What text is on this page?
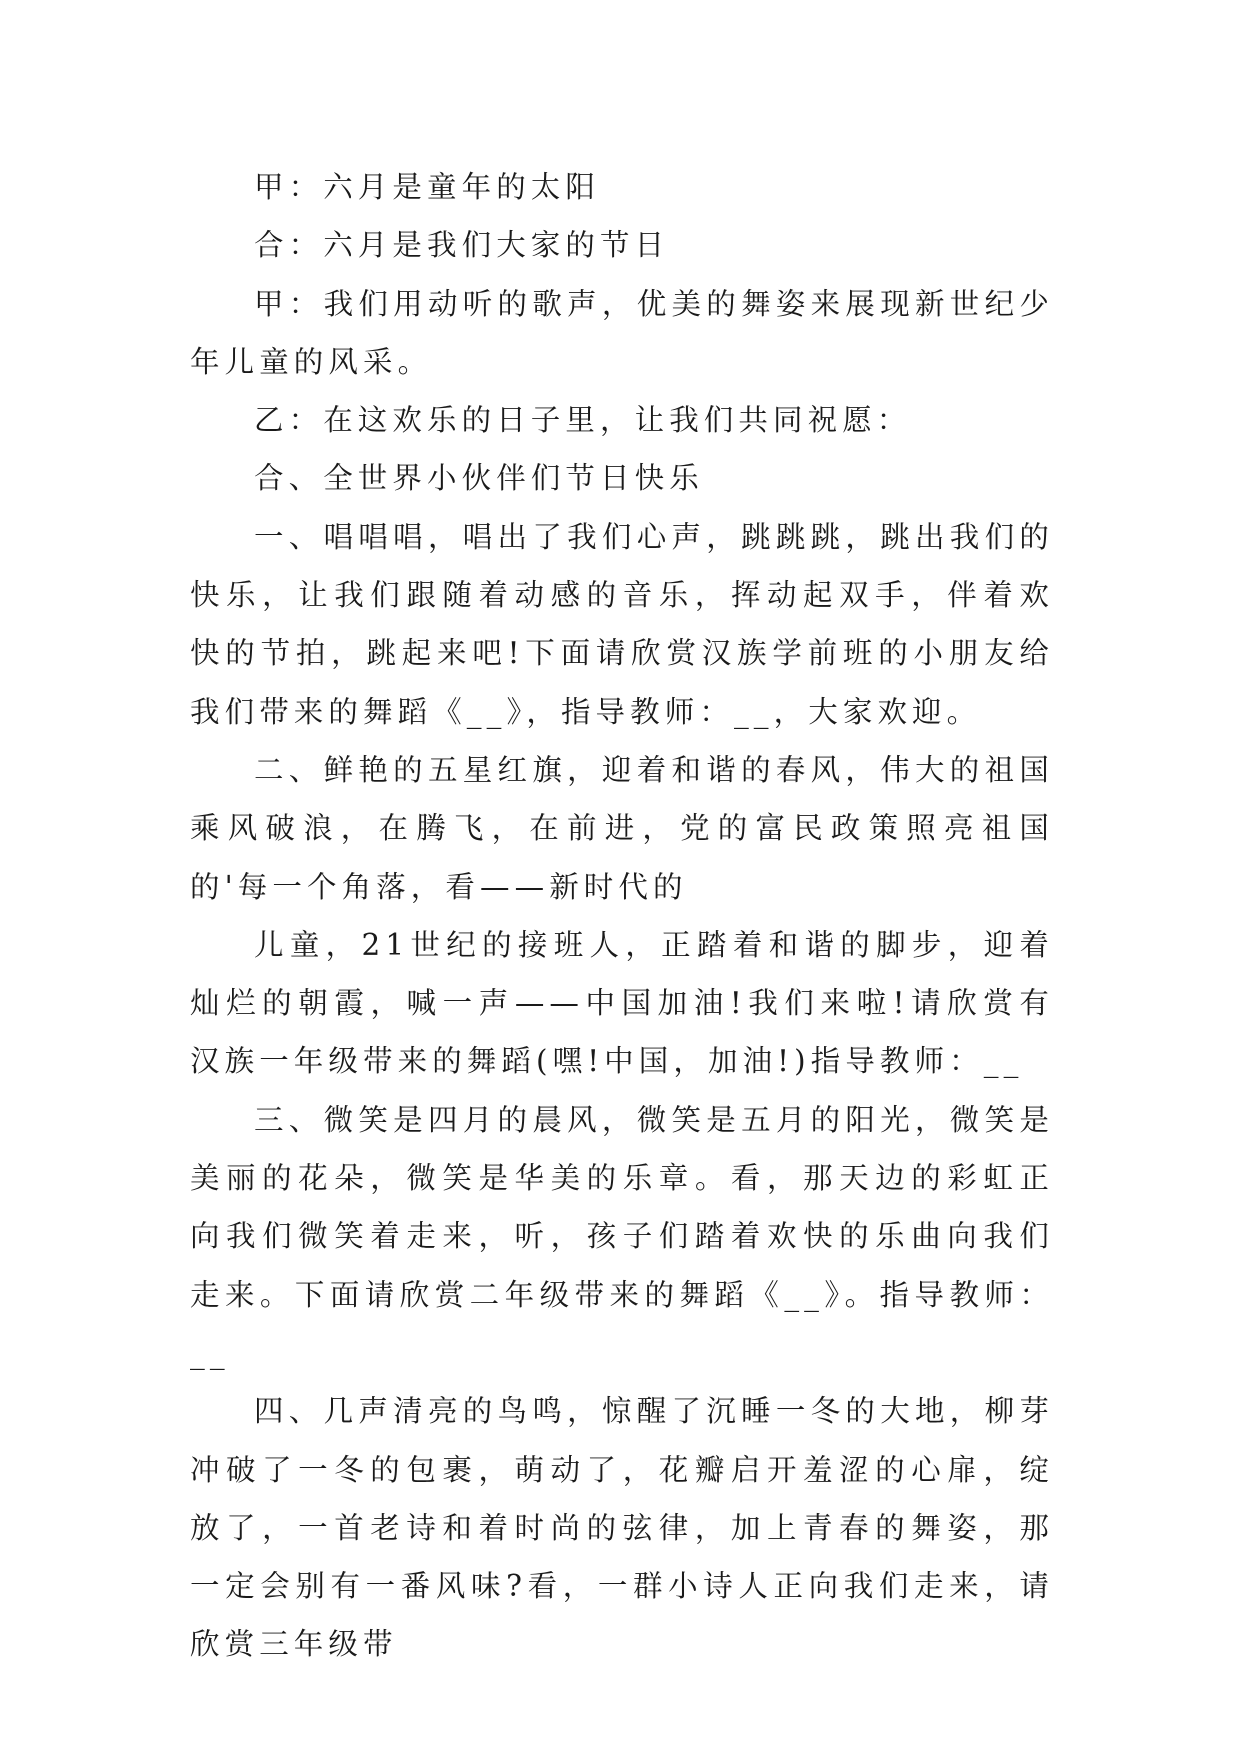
甲：六月是童年的太阳

合：六月是我们大家的节日

甲：我们用动听的歌声，优美的舞姿来展现新世纪少年儿童的风采。

乙：在这欢乐的日子里，让我们共同祝愿：

合、全世界小伙伴们节日快乐

一、唱唱唱，唱出了我们心声，跳跳跳，跳出我们的快乐，让我们跟随着动感的音乐，挥动起双手，伴着欢快的节拍，跳起来吧!下面请欣赏汉族学前班的小朋友给我们带来的舞蹈《__》，指导教师：__，大家欢迎。

二、鲜艳的五星红旗，迎着和谐的春风，伟大的祖国乘风破浪，在腾飞，在前进，党的富民政策照亮祖国的'每一个角落，看——新时代的

儿童，21世纪的接班人，正踏着和谐的脚步，迎着灿烂的朝霞，喊一声——中国加油!我们来啦!请欣赏有汉族一年级带来的舞蹈(嘿!中国，加油!)指导教师：__

三、微笑是四月的晨风，微笑是五月的阳光，微笑是美丽的花朵，微笑是华美的乐章。看，那天边的彩虹正向我们微笑着走来，听，孩子们踏着欢快的乐曲向我们走来。下面请欣赏二年级带来的舞蹈《__》。指导教师：__

四、几声清亮的鸟鸣，惊醒了沉睡一冬的大地，柳芽冲破了一冬的包裹，萌动了，花瓣启开羞涩的心扉，绽放了，一首老诗和着时尚的弦律，加上青春的舞姿，那一定会别有一番风味?看，一群小诗人正向我们走来，请欣赏三年级带
